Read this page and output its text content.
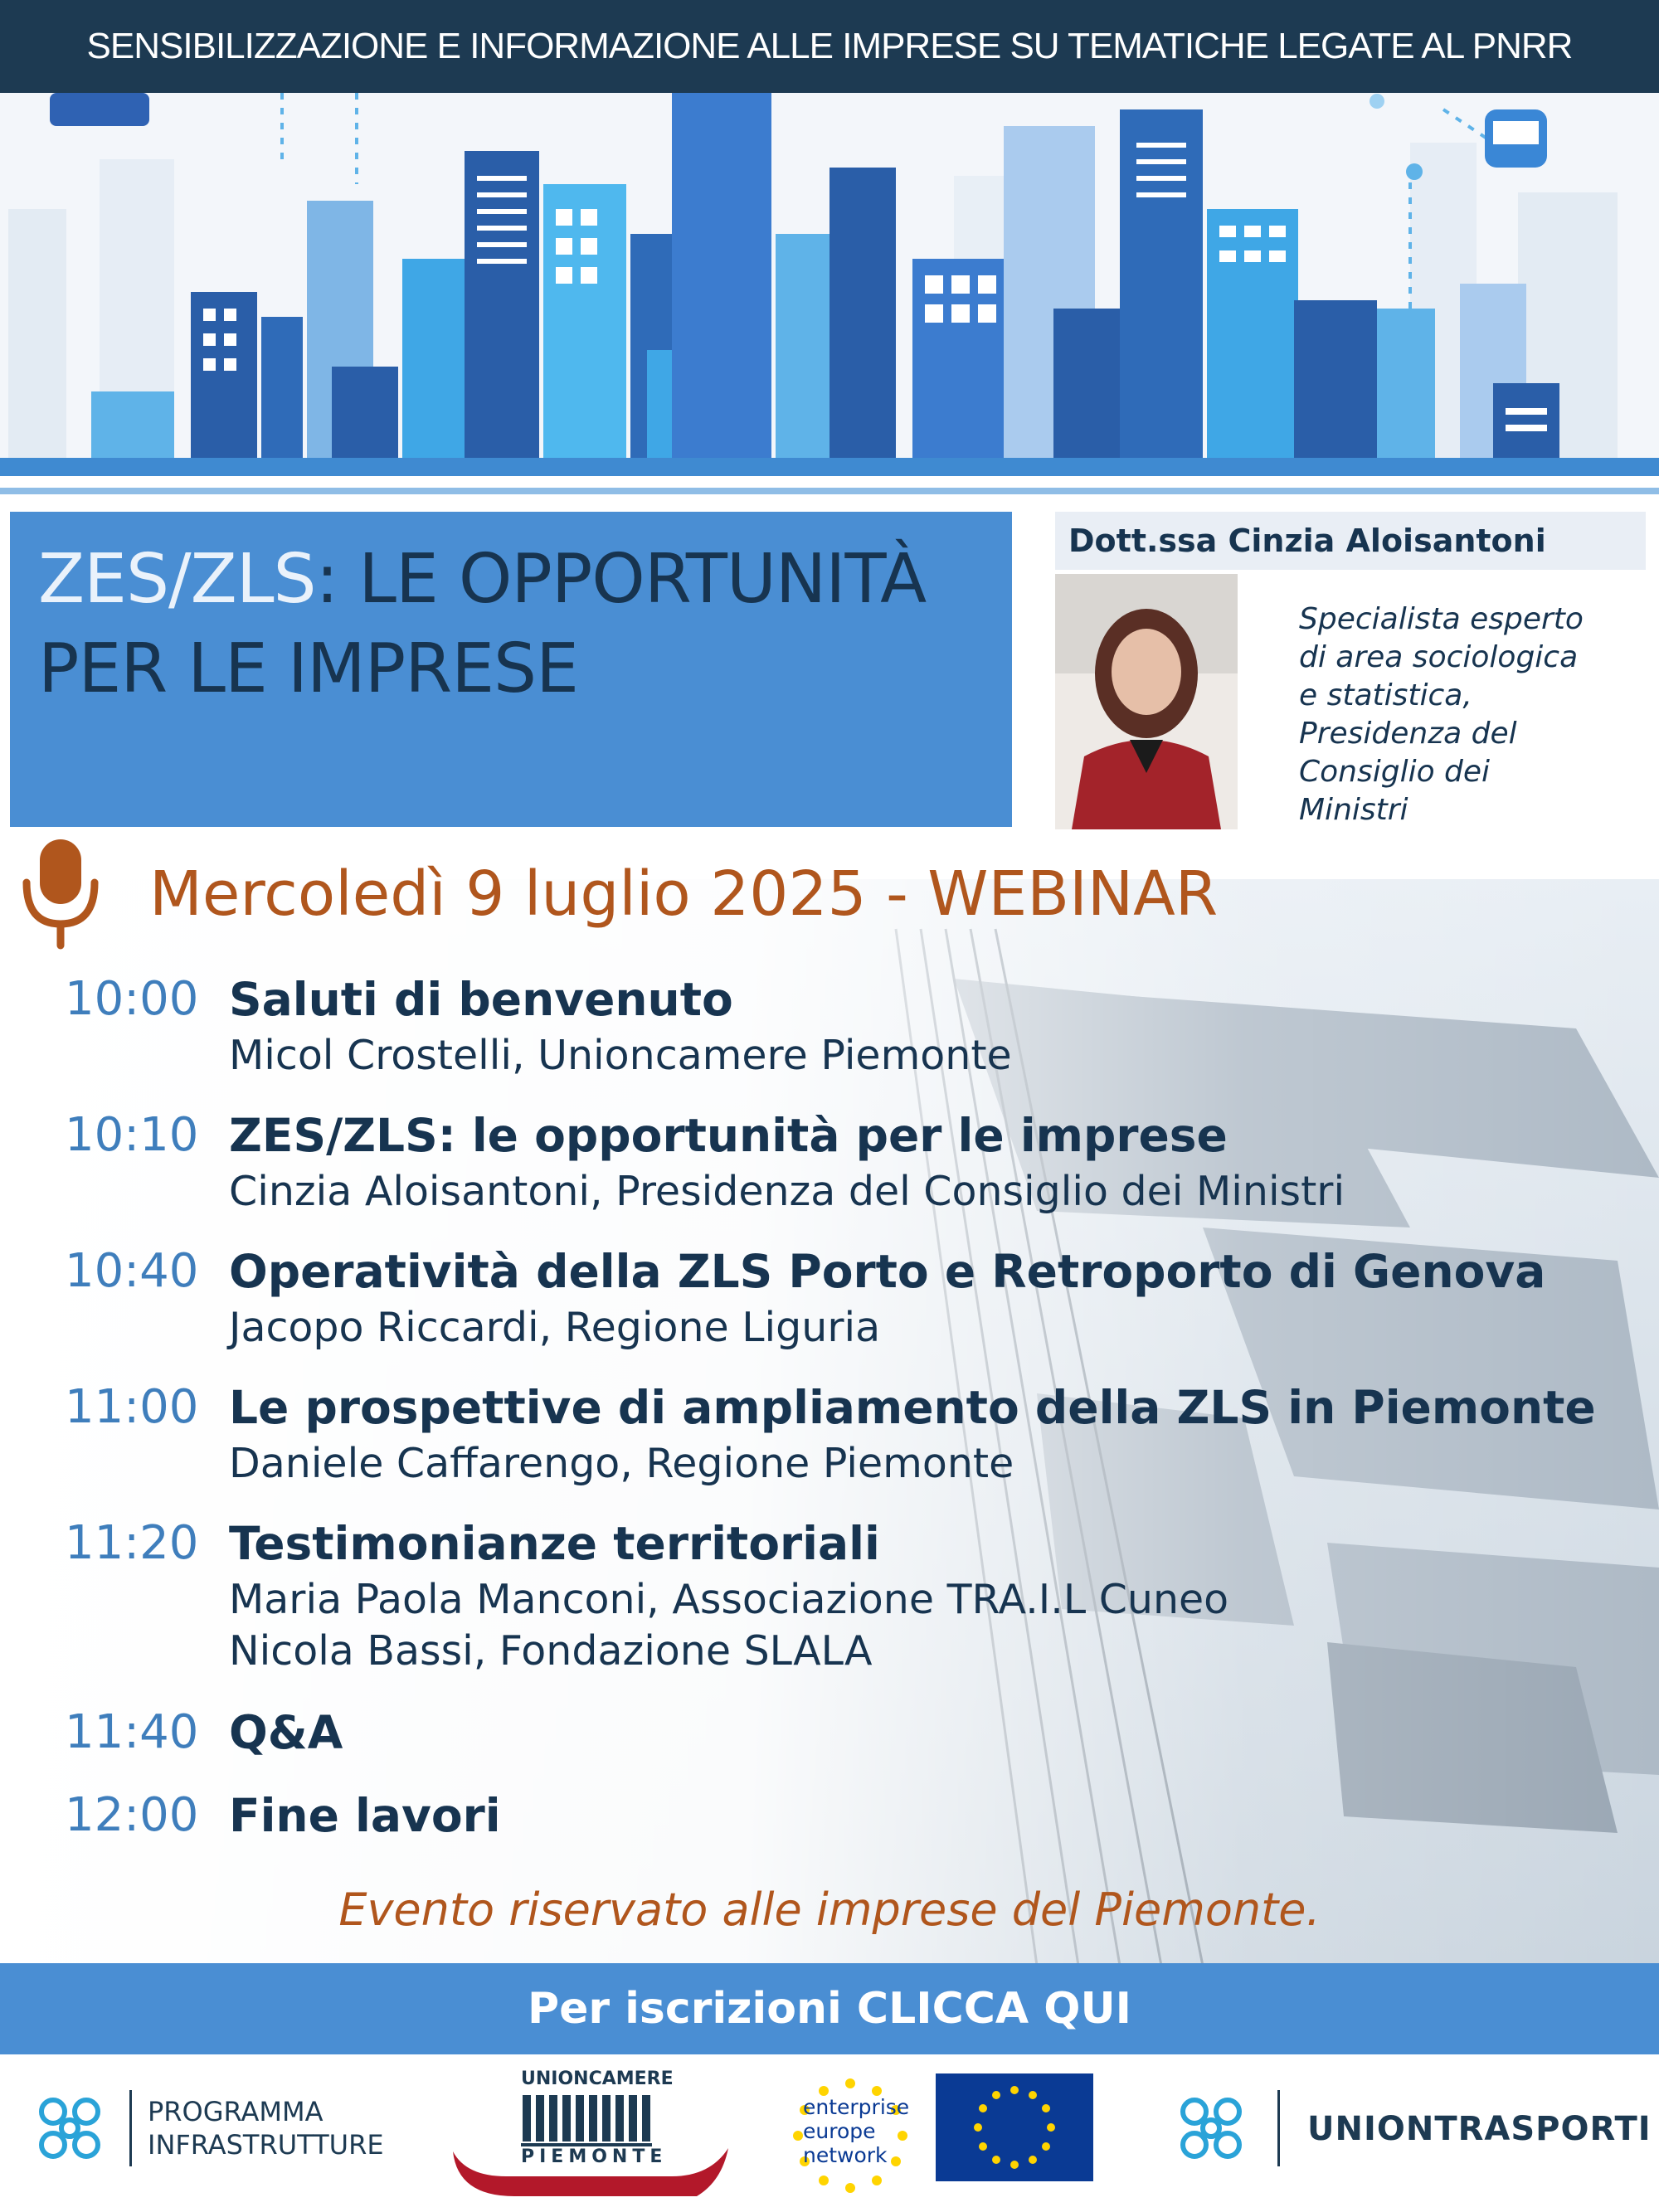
SENSIBILIZZAZIONE E INFORMAZIONE ALLE IMPRESE SU TEMATICHE LEGATE AL PNRR
ZES/ZLS: LE OPPORTUNITÀ PER LE IMPRESE
Dott.ssa Cinzia Aloisantoni
Specialista esperto
di area sociologica
e statistica,
Presidenza del
Consiglio dei
Ministri
Mercoledì 9 luglio 2025 - WEBINAR
10:00 Saluti di benvenuto
Micol Crostelli, Unioncamere Piemonte
10:10 ZES/ZLS: le opportunità per le imprese
Cinzia Aloisantoni, Presidenza del Consiglio dei Ministri
10:40 Operatività della ZLS Porto e Retroporto di Genova
Jacopo Riccardi, Regione Liguria
11:00 Le prospettive di ampliamento della ZLS in Piemonte
Daniele Caffarengo, Regione Piemonte
11:20 Testimonianze territoriali
Maria Paola Manconi, Associazione TRA.I.L Cuneo
Nicola Bassi, Fondazione SLALA
11:40 Q&A
12:00 Fine lavori
Evento riservato alle imprese del Piemonte.
Per iscrizioni CLICCA QUI
PROGRAMMA
INFRASTRUTTURE
UNIONCAMERE
PIEMONTE
enterprise
europe
network
UNIONTRASPORTI
